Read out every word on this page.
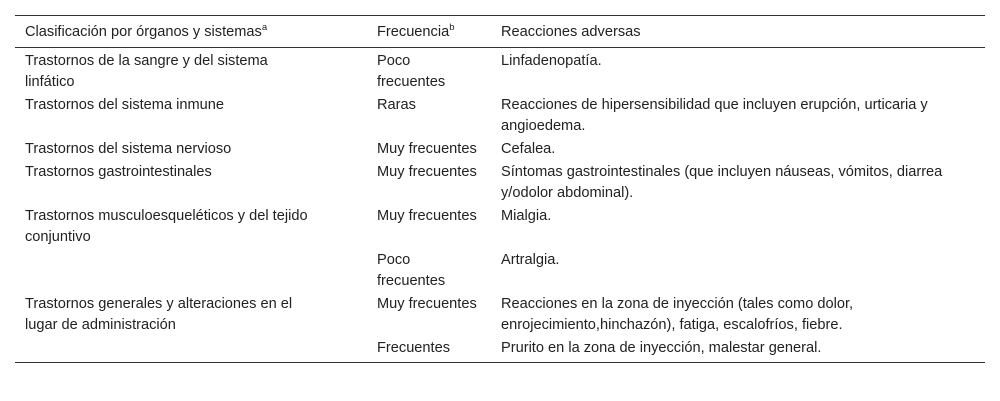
Clasificación por órganos y sistemas$^a$	Frecuencia$^b$	Reacciones adversas

Trastornos de la sangre y del sistema linfático	Poco frecuentes	Linfadenopatía.

Trastornos del sistema inmune	Raras	Reacciones de hipersensibilidad que incluyen erupción, urticaria y angioedema.

Trastornos del sistema nervioso	Muy frecuentes	Cefalea.

Trastornos gastrointestinales	Muy frecuentes	Síntomas gastrointestinales (que incluyen náuseas, vómitos, diarrea y/odolor abdominal).

Trastornos musculoesqueléticos y del tejido conjuntivo	Muy frecuentes	Mialgia.

	Poco frecuentes	Artralgia.

Trastornos generales y alteraciones en el lugar de administración	Muy frecuentes	Reacciones en la zona de inyección (tales como dolor, enrojecimiento,hinchazón), fatiga, escalofríos, fiebre.

	Frecuentes	Prurito en la zona de inyección, malestar general.
